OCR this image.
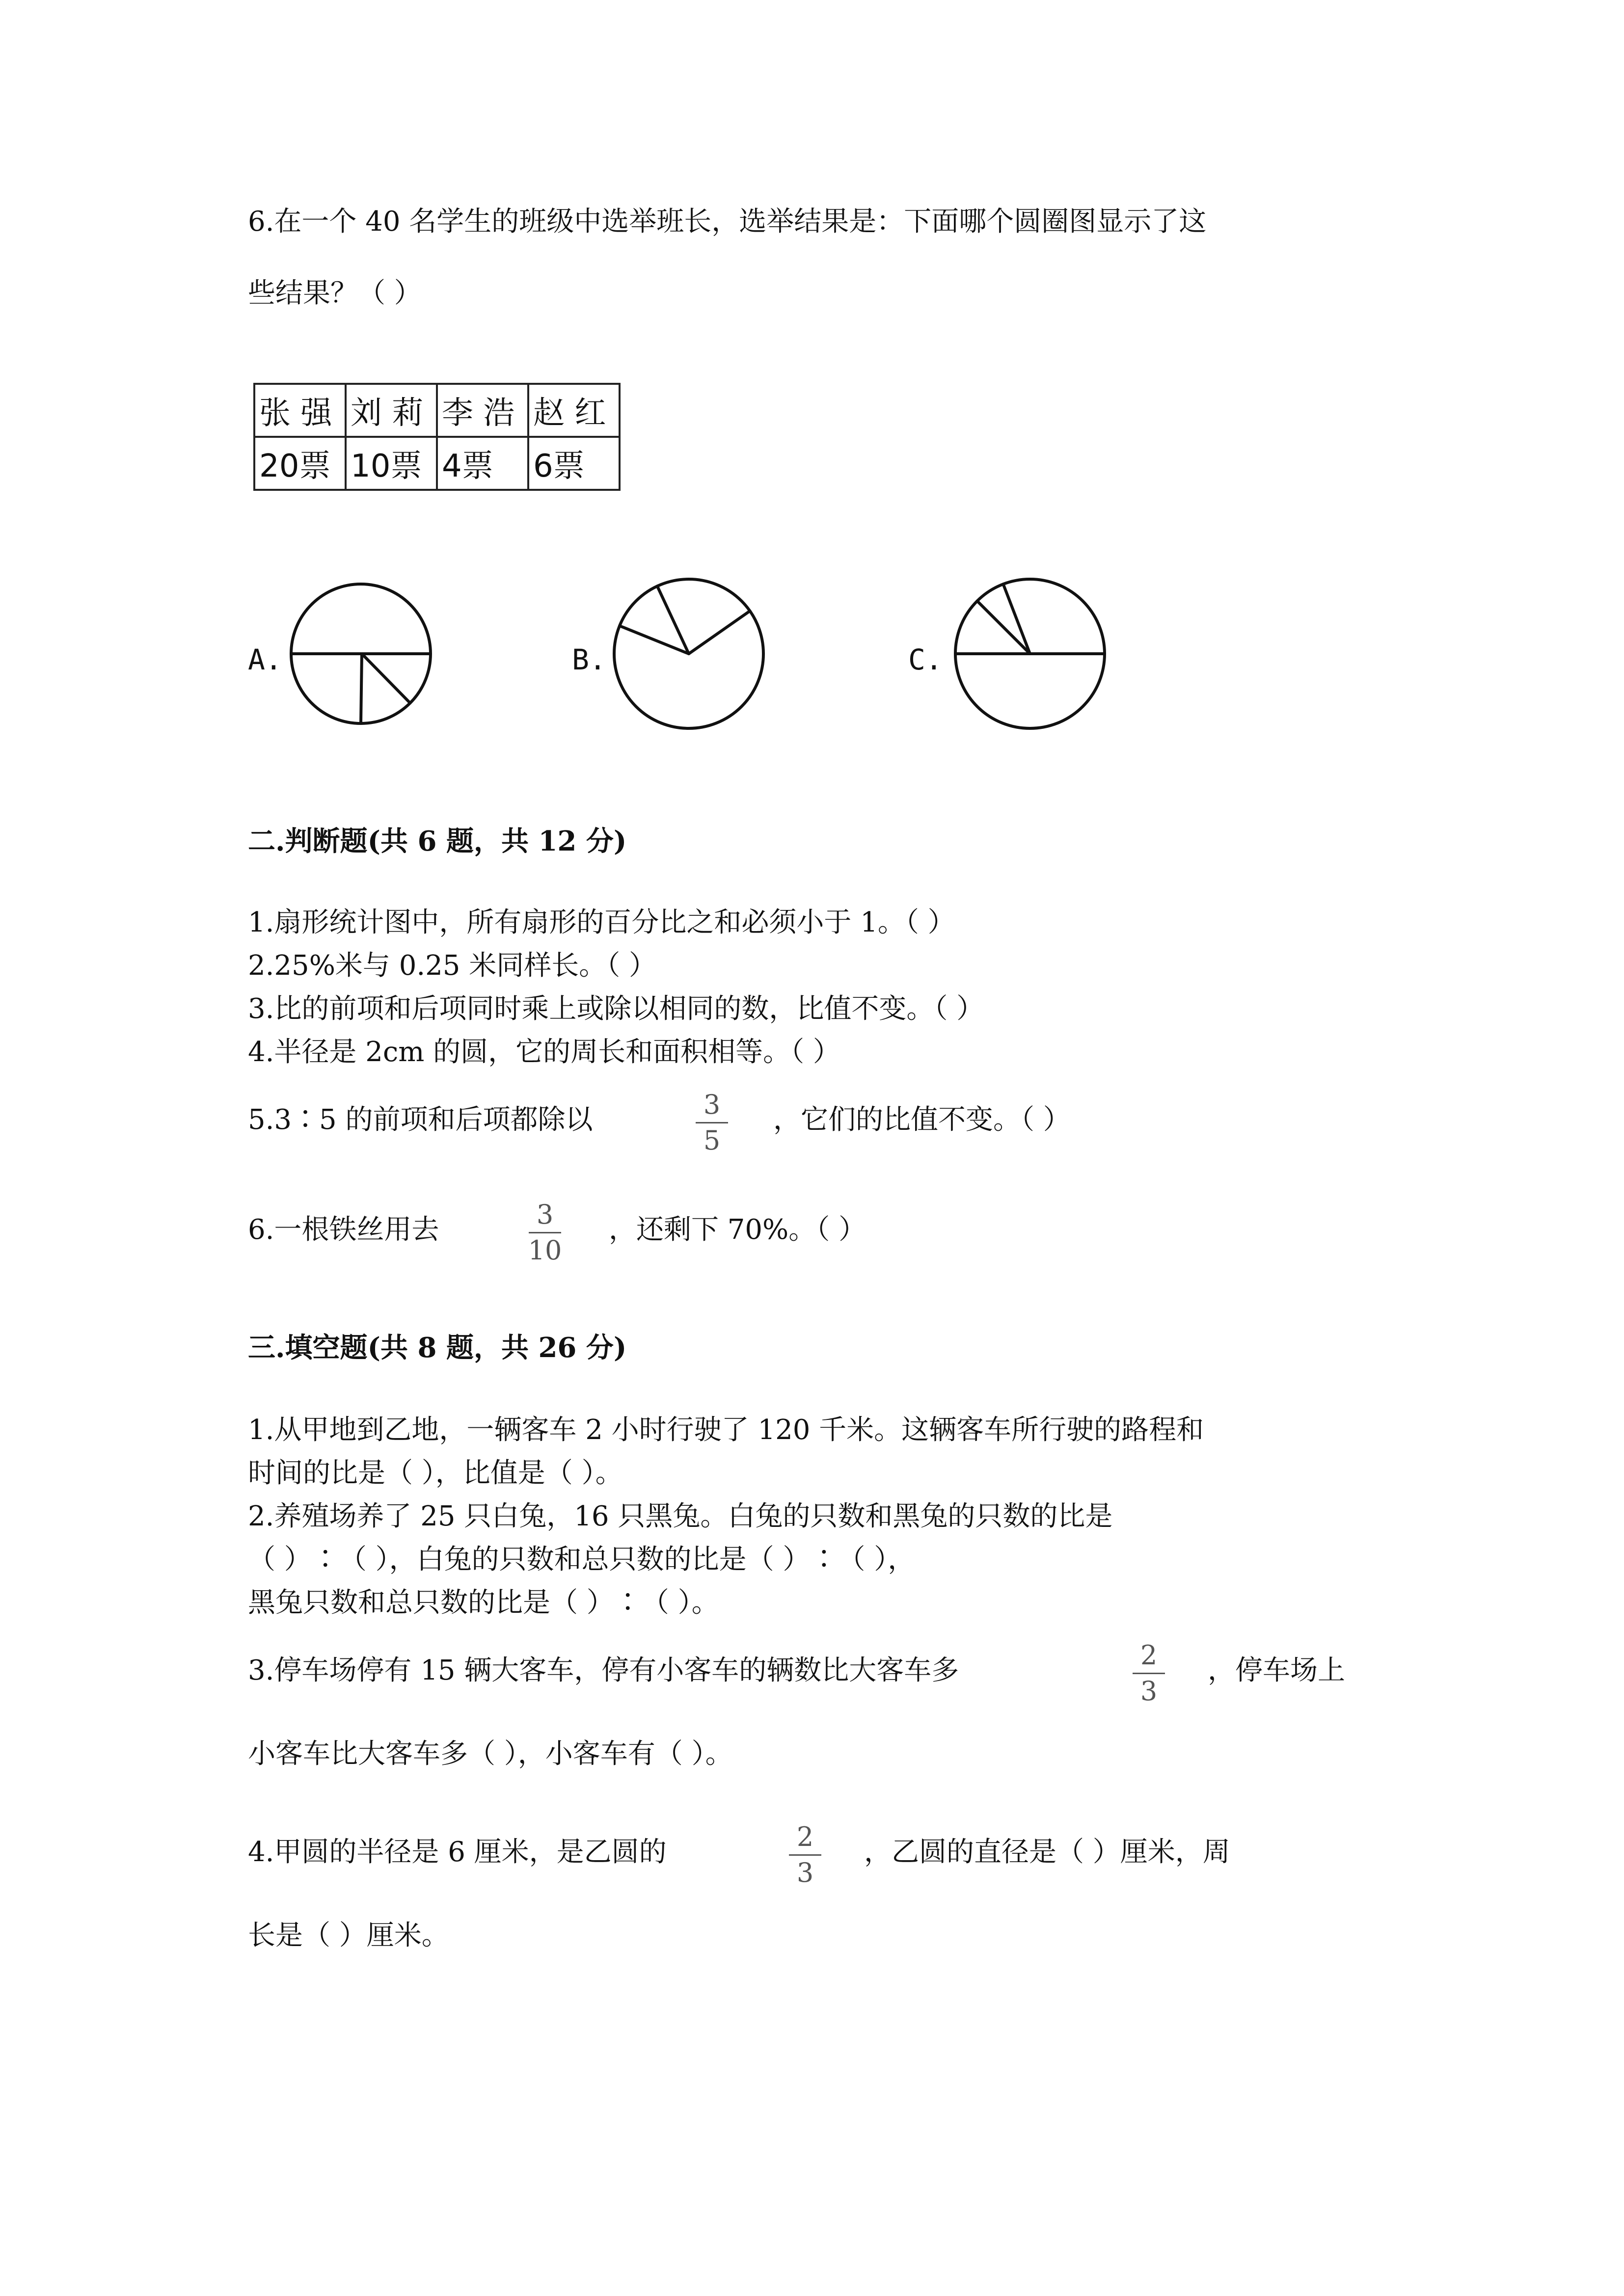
6.在一个 40 名学生的班级中选举班长，选举结果是：下面哪个圆圈图显示了这
些结果？（ ）
张 强	刘 莉	李 浩	赵 红
20票	10票	4票	6票
A.	B.	C.
二.判断题(共 6 题，共 12 分)
1.扇形统计图中，所有扇形的百分比之和必须小于 1。（ ）
2.25%米与 0.25 米同样长。（ ）
3.比的前项和后项同时乘上或除以相同的数，比值不变。（ ）
4.半径是 2cm 的圆，它的周长和面积相等。（ ）
5.3∶5 的前项和后项都除以	3
5
，它们的比值不变。（ ）
6.一根铁丝用去	3
10
，还剩下 70%。（ ）
三.填空题(共 8 题，共 26 分)
1.从甲地到乙地，一辆客车 2 小时行驶了 120 千米。这辆客车所行驶的路程和
时间的比是（ ），比值是（ ）。
2.养殖场养了 25 只白兔，16 只黑兔。白兔的只数和黑兔的只数的比是
（ ）∶（ ），白兔的只数和总只数的比是（ ）∶（ ），
黑兔只数和总只数的比是（ ）∶（ ）。
3.停车场停有 15 辆大客车，停有小客车的辆数比大客车多	2
3
，停车场上
小客车比大客车多（ ），小客车有（ ）。
4.甲圆的半径是 6 厘米，是乙圆的	2
3
，乙圆的直径是（ ）厘米，周
长是（ ）厘米。
